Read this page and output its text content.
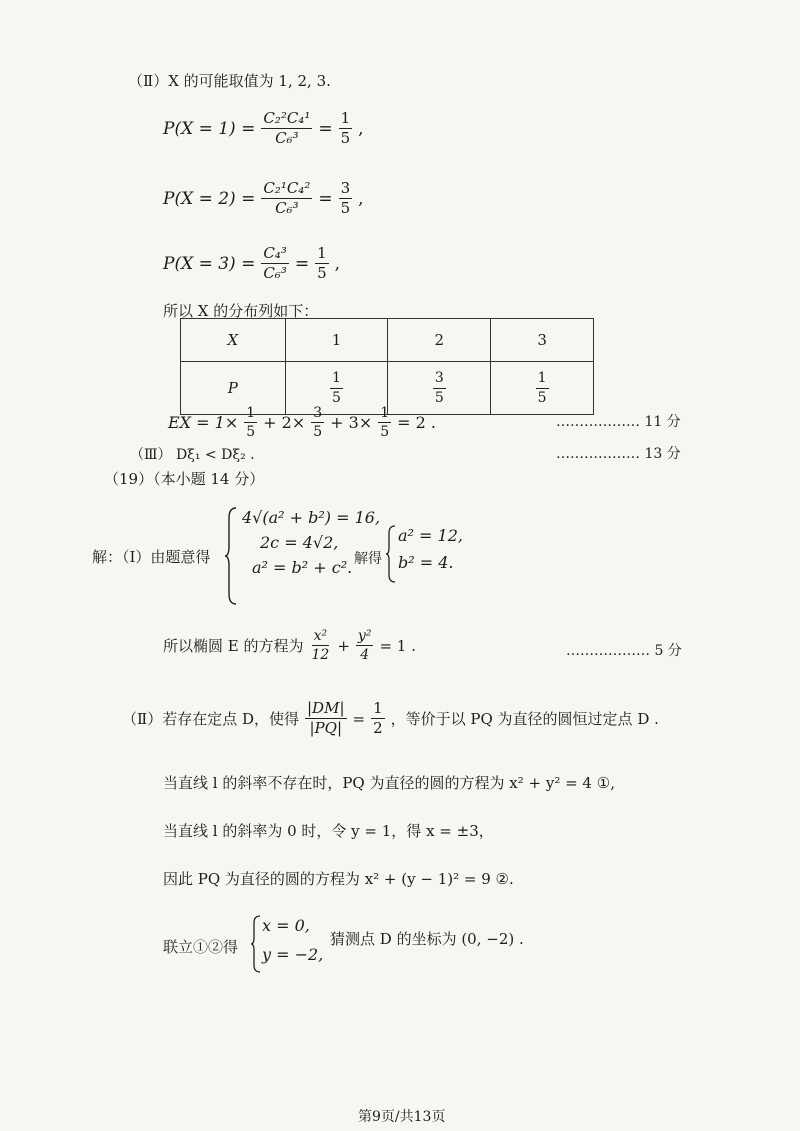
（Ⅱ）X 的可能取值为 1, 2, 3.
$P(X = 1) = \frac{\text{C₂²C₄¹}}{\text{C₆³}} = \frac{1}{5}$ ,
$P(X = 2) = \frac{\text{C₂¹C₄²}}{\text{C₆³}} = \frac{3}{5}$ ,
$P(X = 3) = \frac{\text{C₄³}}{\text{C₆³}} = \frac{1}{5}$ ,
所以 X 的分布列如下：
X	1	2	3
P	$\frac{1}{5}$	$\frac{3}{5}$	$\frac{1}{5}$
EX = $1\times \frac{1}{5} + 2\times \frac{3}{5} + 3\times \frac{1}{5} = 2$ .	……………… 11 分
（Ⅲ） Dξ₁ < Dξ₂ .	……………… 13 分
（19）（本小题 14 分）
解：（Ⅰ）由题意得
4√(a² + b²) = 16,
2c = 4√2,
a² = b² + c². 解得
a² = 12,
b² = 4.
所以椭圆 E 的方程为 $\frac{\text{x²}}{12} + \frac{\text{y²}}{4} = 1$ .	……………… 5 分
（Ⅱ）若存在定点 D，使得 $\frac{|DM|}{|PQ|} = \frac{1}{2}$ ，等价于以 PQ 为直径的圆恒过定点 D .
当直线 l 的斜率不存在时，PQ 为直径的圆的方程为 x² + y² = 4 ①,
当直线 l 的斜率为 0 时，令 y = 1，得 x = ±3，
因此 PQ 为直径的圆的方程为 x² + (y − 1)² = 9 ②.
联立①②得
x = 0,
y = −2,
猜测点 D 的坐标为 (0, −2) .
第9页/共13页
